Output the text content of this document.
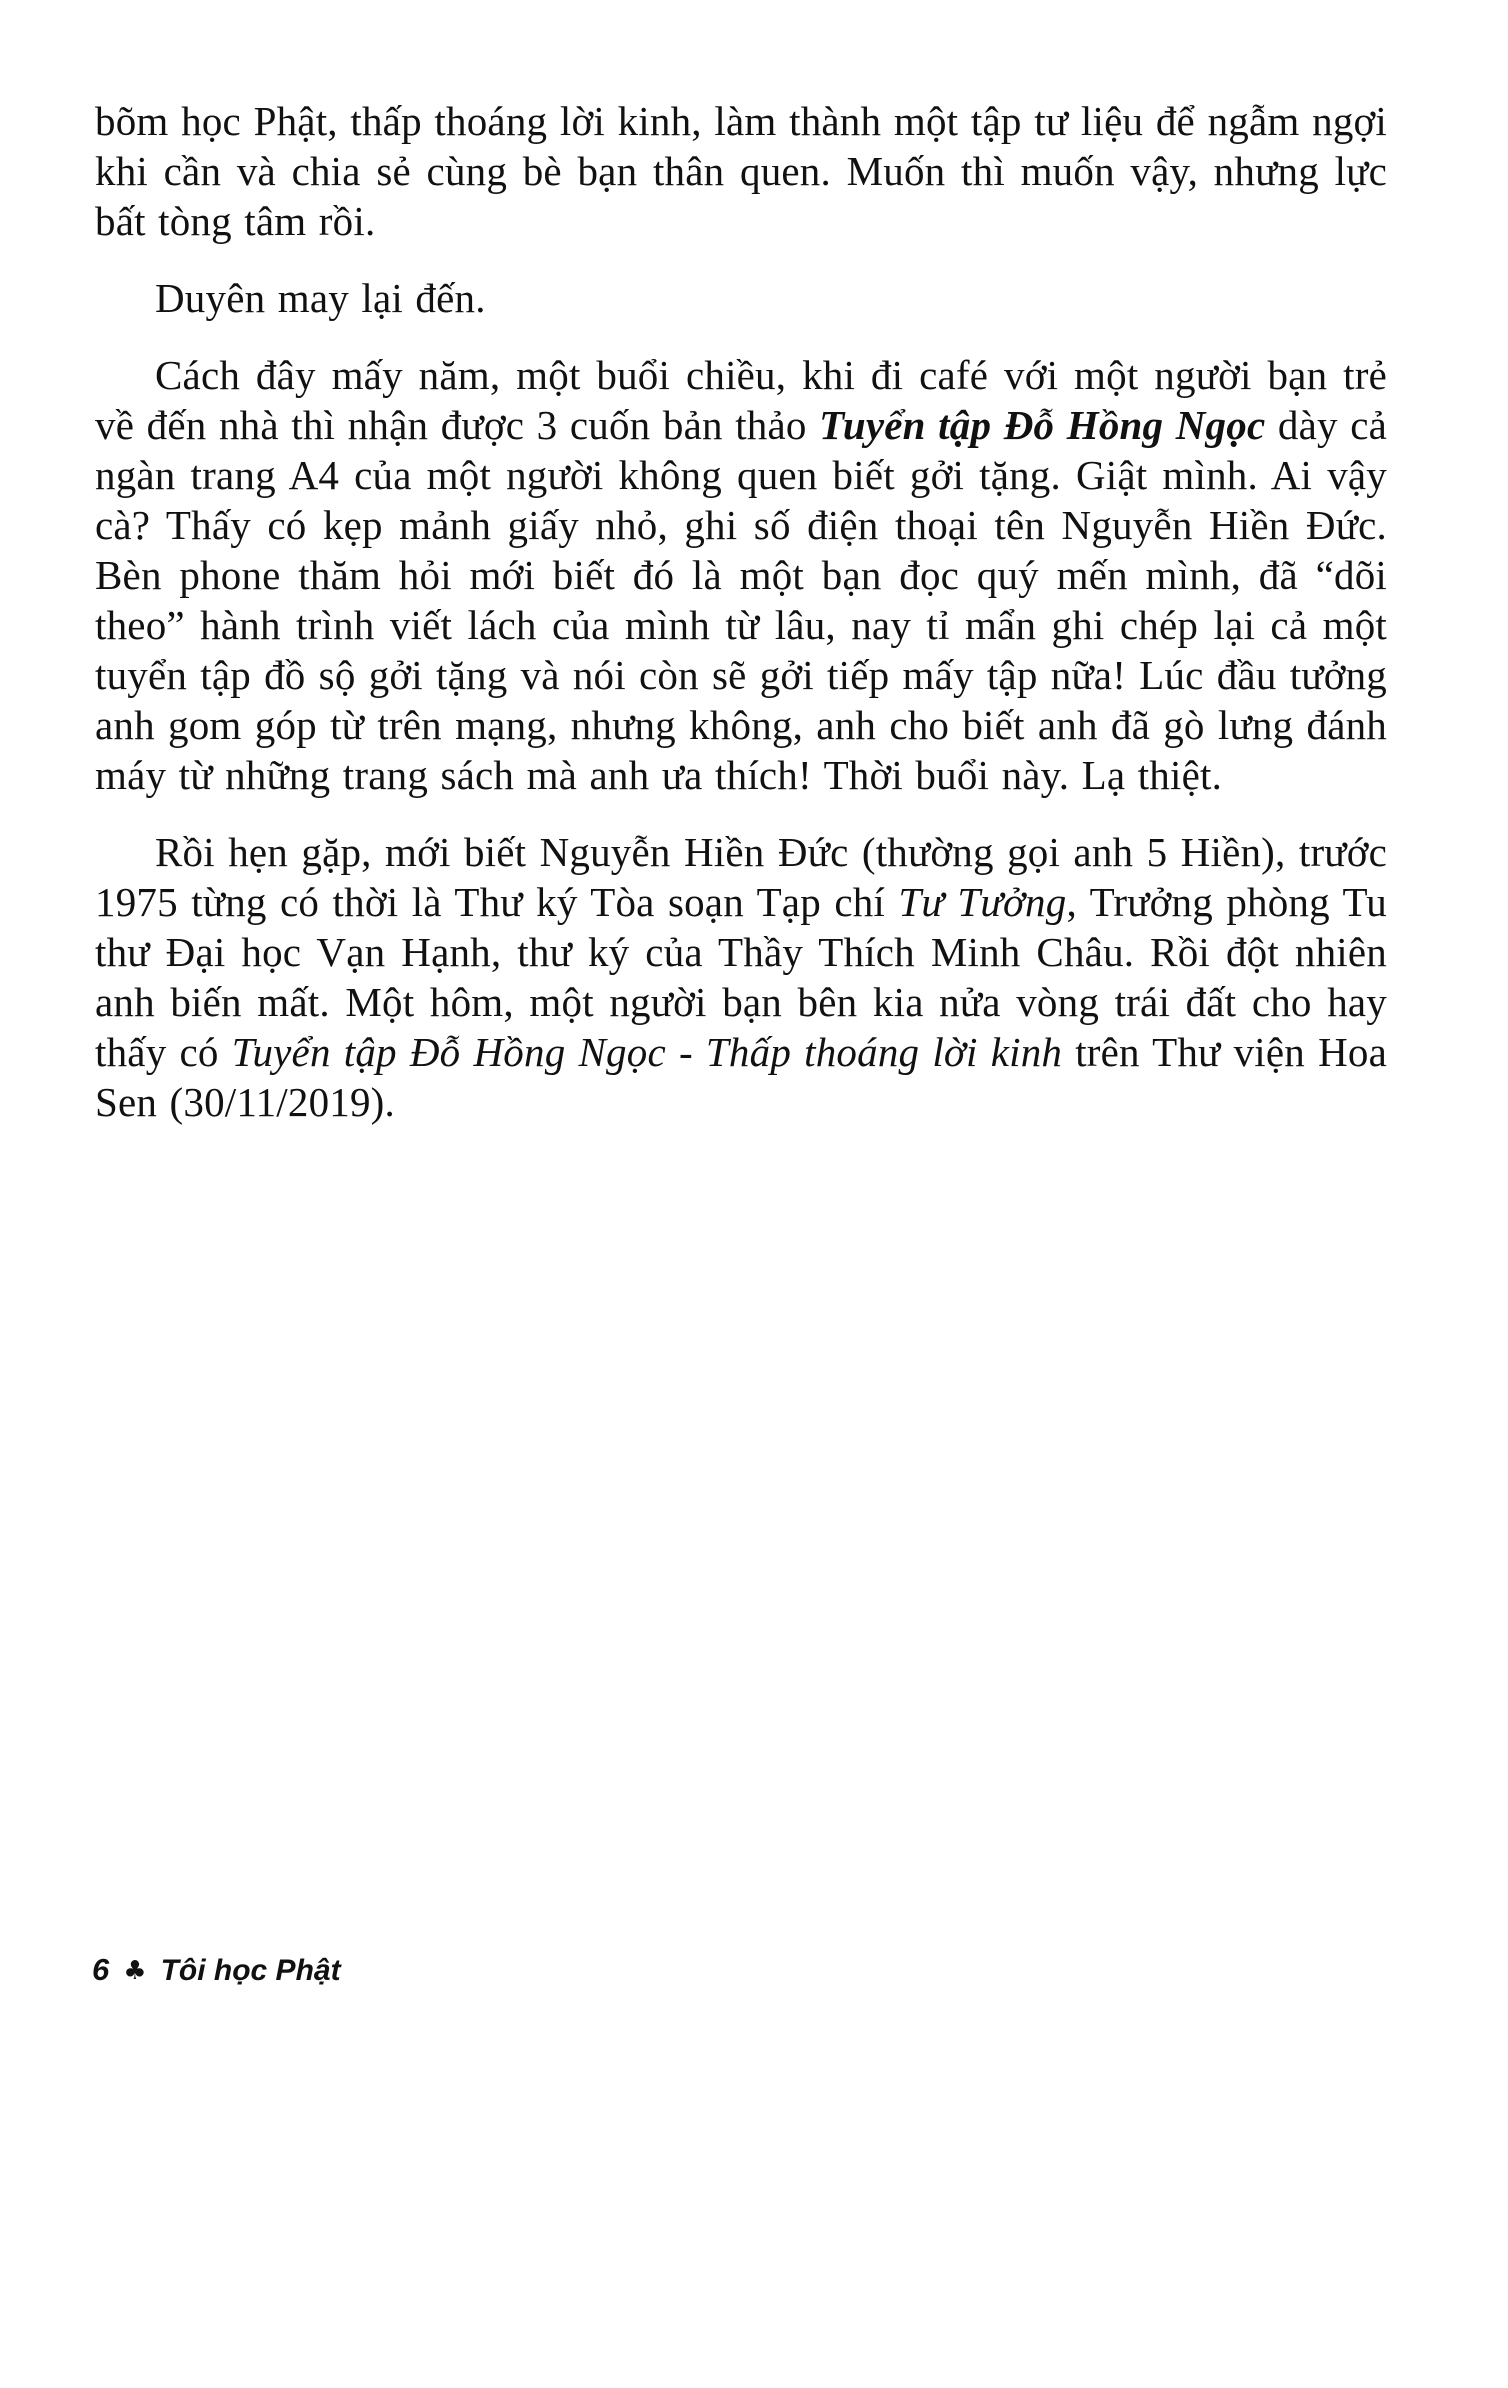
bõm học Phật, thấp thoáng lời kinh, làm thành một tập tư liệu để ngẫm ngợi khi cần và chia sẻ cùng bè bạn thân quen. Muốn thì muốn vậy, nhưng lực bất tòng tâm rồi.

Duyên may lại đến.

Cách đây mấy năm, một buổi chiều, khi đi café với một người bạn trẻ về đến nhà thì nhận được 3 cuốn bản thảo Tuyển tập Đỗ Hồng Ngọc dày cả ngàn trang A4 của một người không quen biết gởi tặng. Giật mình. Ai vậy cà? Thấy có kẹp mảnh giấy nhỏ, ghi số điện thoại tên Nguyễn Hiền Đức. Bèn phone thăm hỏi mới biết đó là một bạn đọc quý mến mình, đã “dõi theo” hành trình viết lách của mình từ lâu, nay tỉ mẩn ghi chép lại cả một tuyển tập đồ sộ gởi tặng và nói còn sẽ gởi tiếp mấy tập nữa! Lúc đầu tưởng anh gom góp từ trên mạng, nhưng không, anh cho biết anh đã gò lưng đánh máy từ những trang sách mà anh ưa thích! Thời buổi này. Lạ thiệt.

Rồi hẹn gặp, mới biết Nguyễn Hiền Đức (thường gọi anh 5 Hiền), trước 1975 từng có thời là Thư ký Tòa soạn Tạp chí Tư Tưởng, Trưởng phòng Tu thư Đại học Vạn Hạnh, thư ký của Thầy Thích Minh Châu. Rồi đột nhiên anh biến mất. Một hôm, một người bạn bên kia nửa vòng trái đất cho hay thấy có Tuyển tập Đỗ Hồng Ngọc - Thấp thoáng lời kinh trên Thư viện Hoa Sen (30/11/2019).

6 ♣ Tôi học Phật
